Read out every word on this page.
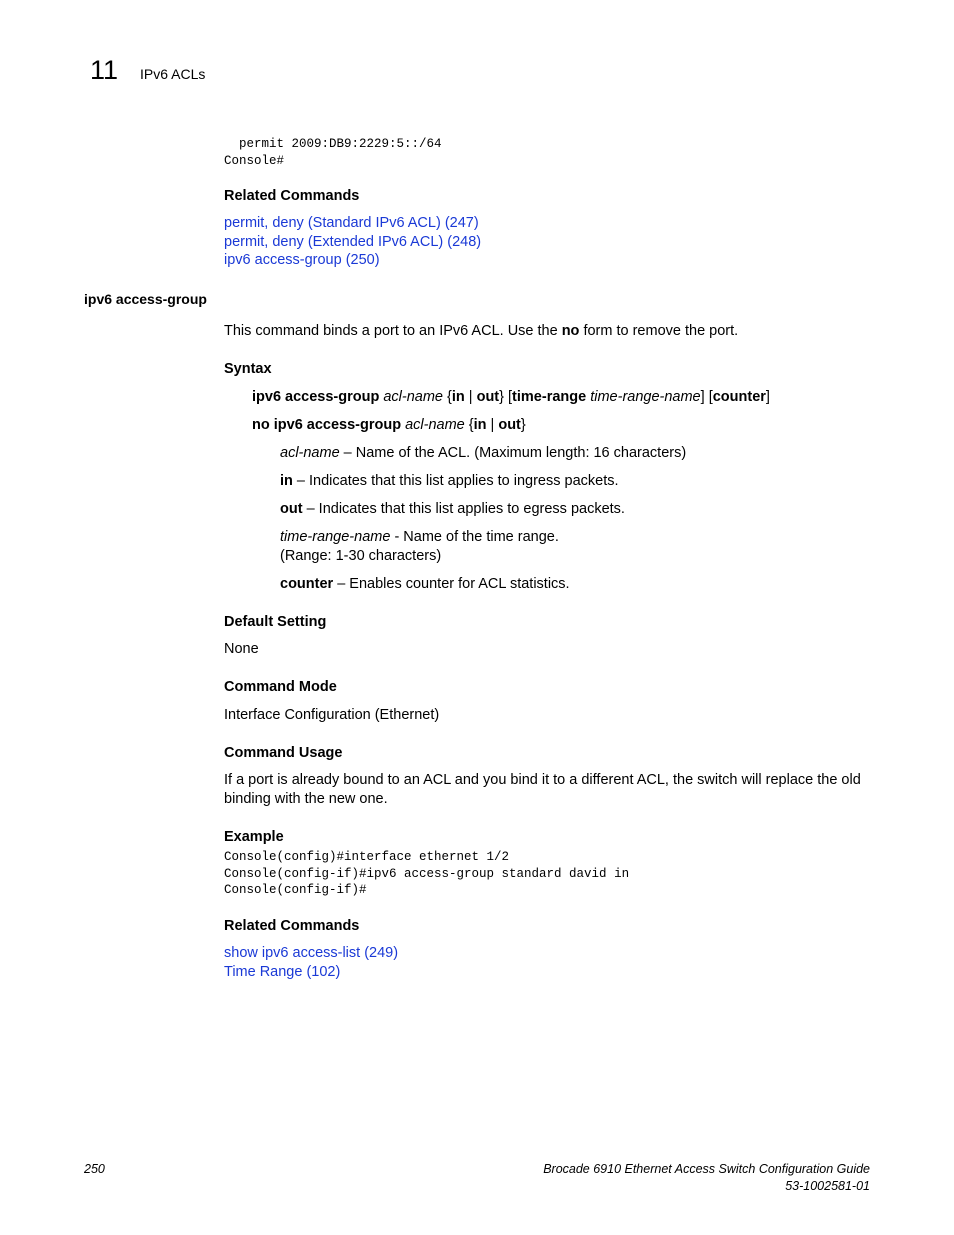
11 IPv6 ACLs
permit 2009:DB9:2229:5::/64
Console#
Related Commands
permit, deny (Standard IPv6 ACL) (247)
permit, deny (Extended IPv6 ACL) (248)
ipv6 access-group (250)
ipv6 access-group
This command binds a port to an IPv6 ACL. Use the no form to remove the port.
Syntax
ipv6 access-group acl-name {in | out} [time-range time-range-name] [counter]
no ipv6 access-group acl-name {in | out}
acl-name – Name of the ACL. (Maximum length: 16 characters)
in – Indicates that this list applies to ingress packets.
out – Indicates that this list applies to egress packets.
time-range-name - Name of the time range.
(Range: 1-30 characters)
counter – Enables counter for ACL statistics.
Default Setting
None
Command Mode
Interface Configuration (Ethernet)
Command Usage
If a port is already bound to an ACL and you bind it to a different ACL, the switch will replace the old
binding with the new one.
Example
Console(config)#interface ethernet 1/2
Console(config-if)#ipv6 access-group standard david in
Console(config-if)#
Related Commands
show ipv6 access-list (249)
Time Range (102)
250	Brocade 6910 Ethernet Access Switch Configuration Guide
53-1002581-01
